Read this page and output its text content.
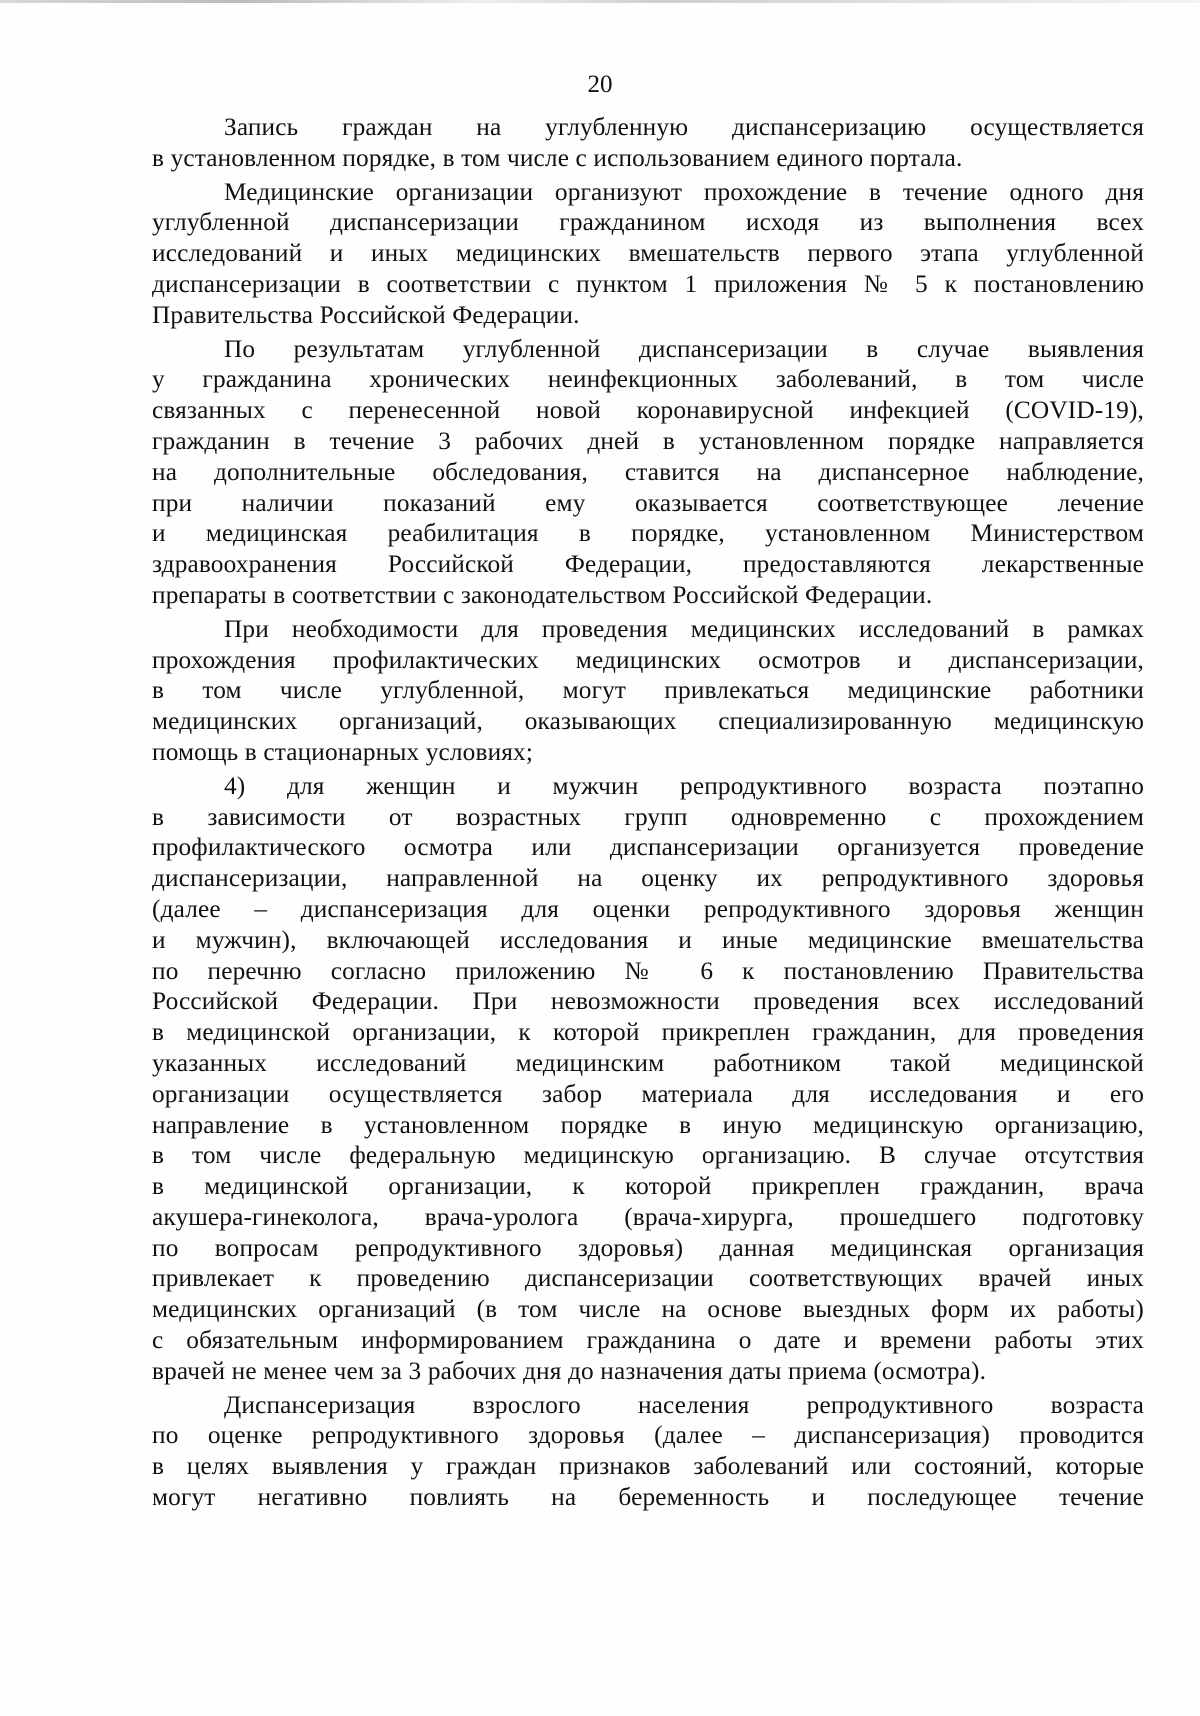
20
Запись граждан на углубленную диспансеризацию осуществляется
в установленном порядке, в том числе с использованием единого портала.
Медицинские организации организуют прохождение в течение одного дня
углубленной диспансеризации гражданином исходя из выполнения всех
исследований и иных медицинских вмешательств первого этапа углубленной
диспансеризации в соответствии с пунктом 1 приложения № 5 к постановлению
Правительства Российской Федерации.
По результатам углубленной диспансеризации в случае выявления
у гражданина хронических неинфекционных заболеваний, в том числе
связанных с перенесенной новой коронавирусной инфекцией (COVID-19),
гражданин в течение 3 рабочих дней в установленном порядке направляется
на дополнительные обследования, ставится на диспансерное наблюдение,
при наличии показаний ему оказывается соответствующее лечение
и медицинская реабилитация в порядке, установленном Министерством
здравоохранения Российской Федерации, предоставляются лекарственные
препараты в соответствии с законодательством Российской Федерации.
При необходимости для проведения медицинских исследований в рамках
прохождения профилактических медицинских осмотров и диспансеризации,
в том числе углубленной, могут привлекаться медицинские работники
медицинских организаций, оказывающих специализированную медицинскую
помощь в стационарных условиях;
4) для женщин и мужчин репродуктивного возраста поэтапно
в зависимости от возрастных групп одновременно с прохождением
профилактического осмотра или диспансеризации организуется проведение
диспансеризации, направленной на оценку их репродуктивного здоровья
(далее – диспансеризация для оценки репродуктивного здоровья женщин
и мужчин), включающей исследования и иные медицинские вмешательства
по перечню согласно приложению № 6 к постановлению Правительства
Российской Федерации. При невозможности проведения всех исследований
в медицинской организации, к которой прикреплен гражданин, для проведения
указанных исследований медицинским работником такой медицинской
организации осуществляется забор материала для исследования и его
направление в установленном порядке в иную медицинскую организацию,
в том числе федеральную медицинскую организацию. В случае отсутствия
в медицинской организации, к которой прикреплен гражданин, врача
акушера-гинеколога, врача-уролога (врача-хирурга, прошедшего подготовку
по вопросам репродуктивного здоровья) данная медицинская организация
привлекает к проведению диспансеризации соответствующих врачей иных
медицинских организаций (в том числе на основе выездных форм их работы)
с обязательным информированием гражданина о дате и времени работы этих
врачей не менее чем за 3 рабочих дня до назначения даты приема (осмотра).
Диспансеризация взрослого населения репродуктивного возраста
по оценке репродуктивного здоровья (далее – диспансеризация) проводится
в целях выявления у граждан признаков заболеваний или состояний, которые
могут негативно повлиять на беременность и последующее течение
